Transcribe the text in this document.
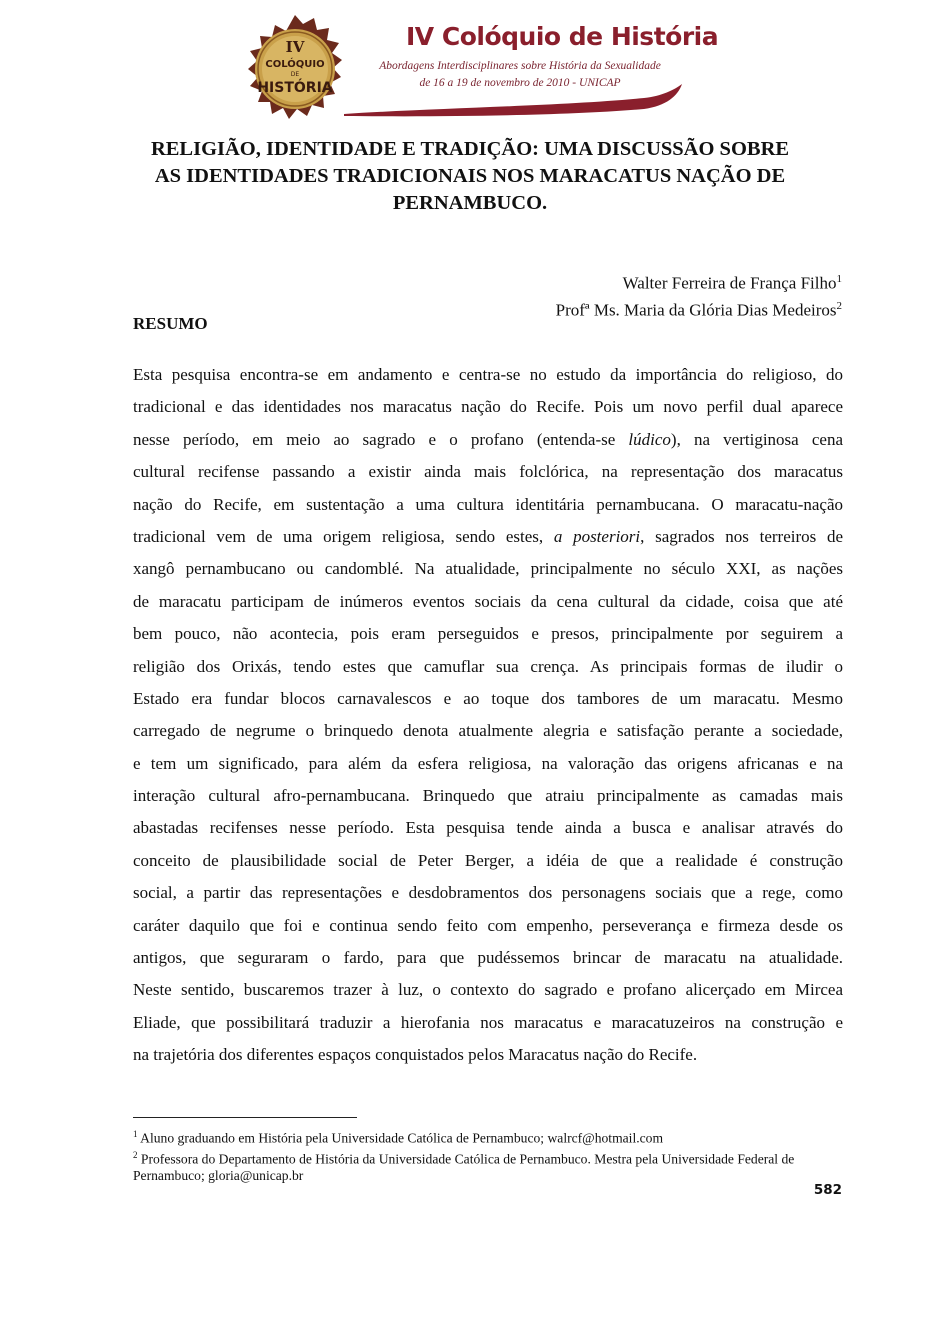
IV
COLÓQUIO
DE
HISTÓRIA
IV Colóquio de História
Abordagens Interdisciplinares sobre História da Sexualidade
de 16 a 19 de novembro de 2010 - UNICAP
RELIGIÃO, IDENTIDADE E TRADIÇÃO: UMA DISCUSSÃO SOBRE
AS IDENTIDADES TRADICIONAIS NOS MARACATUS NAÇÃO DE
PERNAMBUCO.
Walter Ferreira de França Filho$^1$
Profª Ms. Maria da Glória Dias Medeiros$^2$
RESUMO
Esta pesquisa encontra-se em andamento e centra-se no estudo da importância do religioso, do
tradicional e das identidades nos maracatus nação do Recife. Pois um novo perfil dual aparece
nesse período, em meio ao sagrado e o profano (entenda-se lúdico), na vertiginosa cena
cultural recifense passando a existir ainda mais folclórica, na representação dos maracatus
nação do Recife, em sustentação a uma cultura identitária pernambucana. O maracatu-nação
tradicional vem de uma origem religiosa, sendo estes, a posteriori, sagrados nos terreiros de
xangô pernambucano ou candomblé. Na atualidade, principalmente no século XXI, as nações
de maracatu participam de inúmeros eventos sociais da cena cultural da cidade, coisa que até
bem pouco, não acontecia, pois eram perseguidos e presos, principalmente por seguirem a
religião dos Orixás, tendo estes que camuflar sua crença. As principais formas de iludir o
Estado era fundar blocos carnavalescos e ao toque dos tambores de um maracatu. Mesmo
carregado de negrume o brinquedo denota atualmente alegria e satisfação perante a sociedade,
e tem um significado, para além da esfera religiosa, na valoração das origens africanas e na
interação cultural afro-pernambucana. Brinquedo que atraiu principalmente as camadas mais
abastadas recifenses nesse período. Esta pesquisa tende ainda a busca e analisar através do
conceito de plausibilidade social de Peter Berger, a idéia de que a realidade é construção
social, a partir das representações e desdobramentos dos personagens sociais que a rege, como
caráter daquilo que foi e continua sendo feito com empenho, perseverança e firmeza desde os
antigos, que seguraram o fardo, para que pudéssemos brincar de maracatu na atualidade.
Neste sentido, buscaremos trazer à luz, o contexto do sagrado e profano alicerçado em Mircea
Eliade, que possibilitará traduzir a hierofania nos maracatus e maracatuzeiros na construção e
na trajetória dos diferentes espaços conquistados pelos Maracatus nação do Recife.

$^1$ Aluno graduando em História pela Universidade Católica de Pernambuco; walrcf@hotmail.com

$^2$ Professora do Departamento de História da Universidade Católica de Pernambuco. Mestra pela Universidade Federal de Pernambuco; gloria@unicap.br

582
